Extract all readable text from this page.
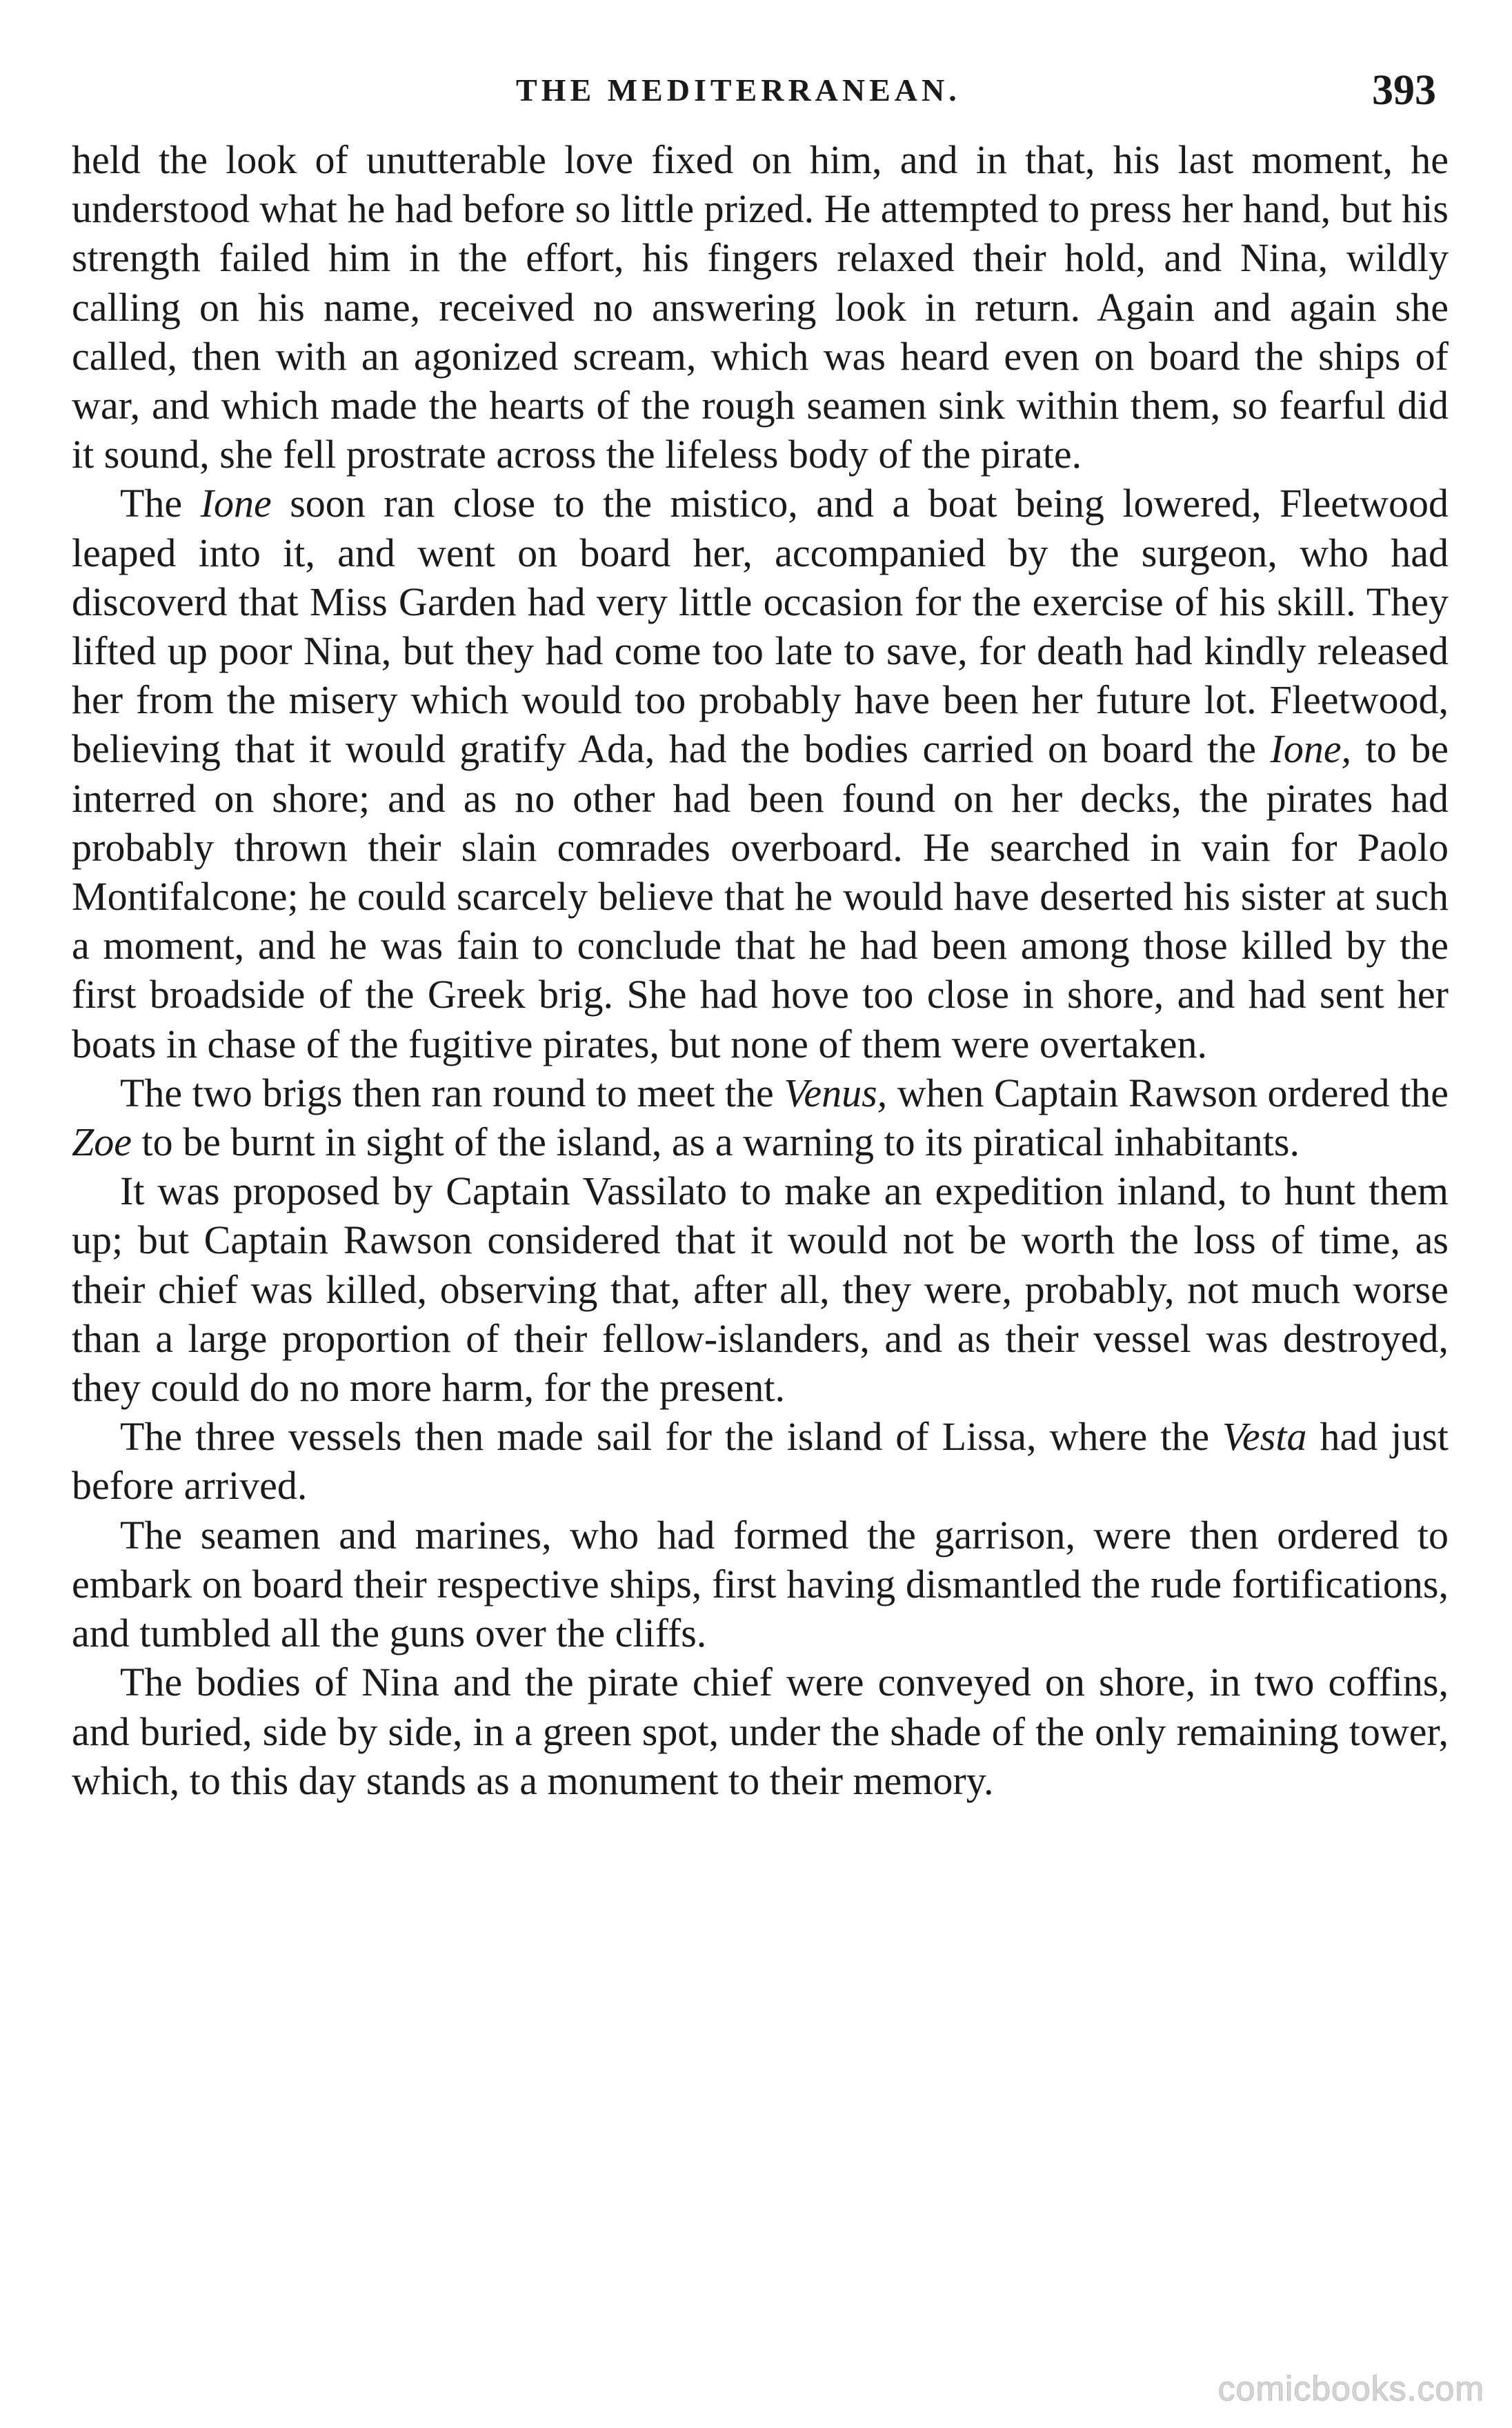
THE MEDITERRANEAN.	393

held the look of unutterable love fixed on him, and in that, his last moment, he understood what he had before so little prized. He attempted to press her hand, but his strength failed him in the effort, his fingers relaxed their hold, and Nina, wildly calling on his name, received no answering look in return. Again and again she called, then with an agonized scream, which was heard even on board the ships of war, and which made the hearts of the rough seamen sink within them, so fearful did it sound, she fell prostrate across the lifeless body of the pirate.

The Ione soon ran close to the mistico, and a boat being lowered, Fleetwood leaped into it, and went on board her, accompanied by the surgeon, who had discoverd that Miss Garden had very little occasion for the exercise of his skill. They lifted up poor Nina, but they had come too late to save, for death had kindly released her from the misery which would too probably have been her future lot. Fleetwood, believing that it would gratify Ada, had the bodies carried on board the Ione, to be interred on shore; and as no other had been found on her decks, the pirates had probably thrown their slain comrades overboard. He searched in vain for Paolo Montifalcone; he could scarcely believe that he would have deserted his sister at such a moment, and he was fain to conclude that he had been among those killed by the first broadside of the Greek brig. She had hove too close in shore, and had sent her boats in chase of the fugitive pirates, but none of them were overtaken.

The two brigs then ran round to meet the Venus, when Captain Rawson ordered the Zoe to be burnt in sight of the island, as a warning to its piratical inhabitants.

It was proposed by Captain Vassilato to make an expedition inland, to hunt them up; but Captain Rawson considered that it would not be worth the loss of time, as their chief was killed, observing that, after all, they were, probably, not much worse than a large proportion of their fellow-islanders, and as their vessel was destroyed, they could do no more harm, for the present.

The three vessels then made sail for the island of Lissa, where the Vesta had just before arrived.

The seamen and marines, who had formed the garrison, were then ordered to embark on board their respective ships, first having dismantled the rude fortifications, and tumbled all the guns over the cliffs.

The bodies of Nina and the pirate chief were conveyed on shore, in two coffins, and buried, side by side, in a green spot, under the shade of the only remaining tower, which, to this day stands as a monument to their memory.

comicbooks.com
